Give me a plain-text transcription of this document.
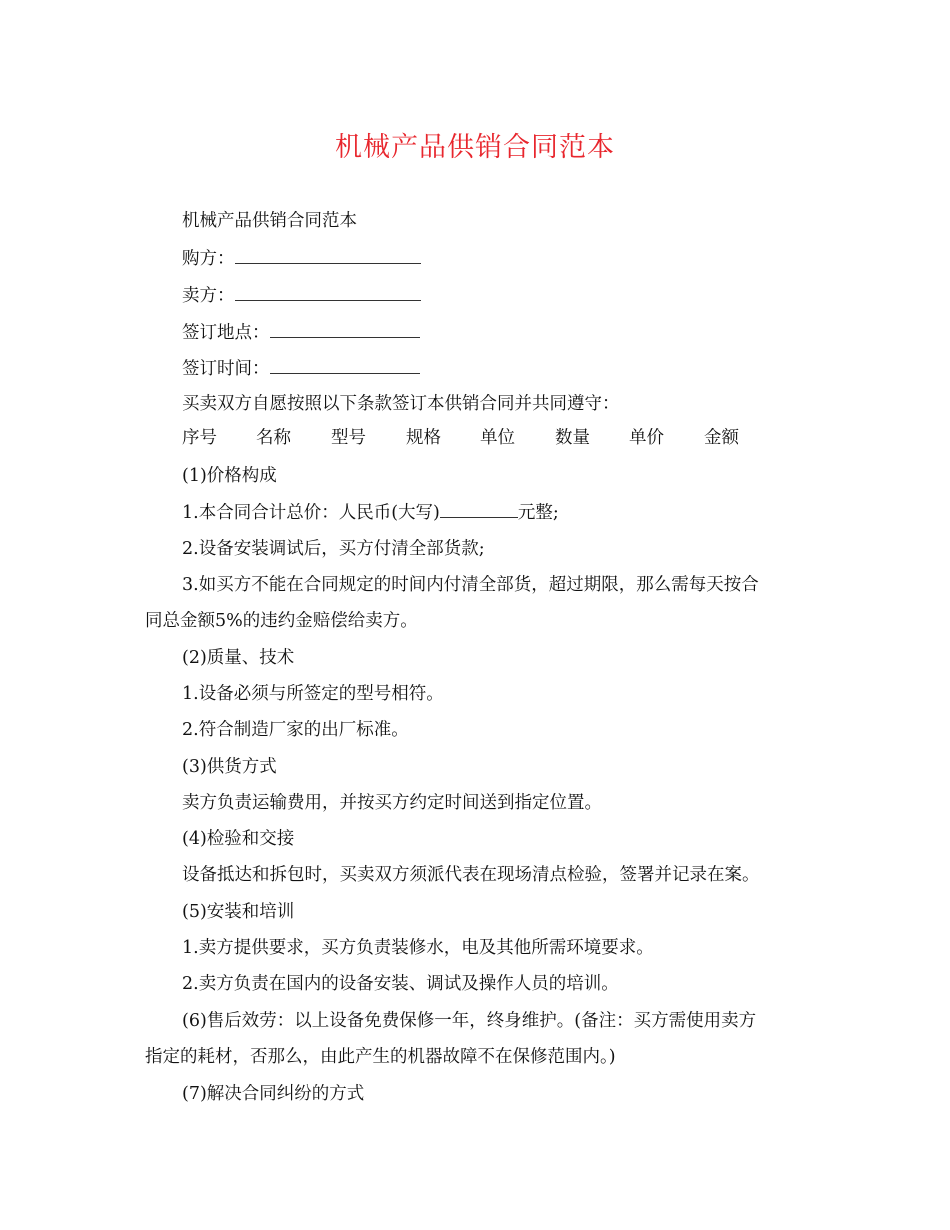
机械产品供销合同范本
机械产品供销合同范本
购方：
卖方：
签订地点：
签订时间：
买卖双方自愿按照以下条款签订本供销合同并共同遵守：
序号 名称 型号 规格 单位 数量 单价 金额
(1)价格构成
1.本合同合计总价：人民币(大写)	元整;
2.设备安装调试后，买方付清全部货款;
3.如买方不能在合同规定的时间内付清全部货，超过期限，那么需每天按合
同总金额5%的违约金赔偿给卖方。
(2)质量、技术
1.设备必须与所签定的型号相符。
2.符合制造厂家的出厂标准。
(3)供货方式
卖方负责运输费用，并按买方约定时间送到指定位置。
(4)检验和交接
设备抵达和拆包时，买卖双方须派代表在现场清点检验，签署并记录在案。
(5)安装和培训
1.卖方提供要求，买方负责装修水，电及其他所需环境要求。
2.卖方负责在国内的设备安装、调试及操作人员的培训。
(6)售后效劳：以上设备免费保修一年，终身维护。(备注：买方需使用卖方
指定的耗材，否那么，由此产生的机器故障不在保修范围内。)
(7)解决合同纠纷的方式
